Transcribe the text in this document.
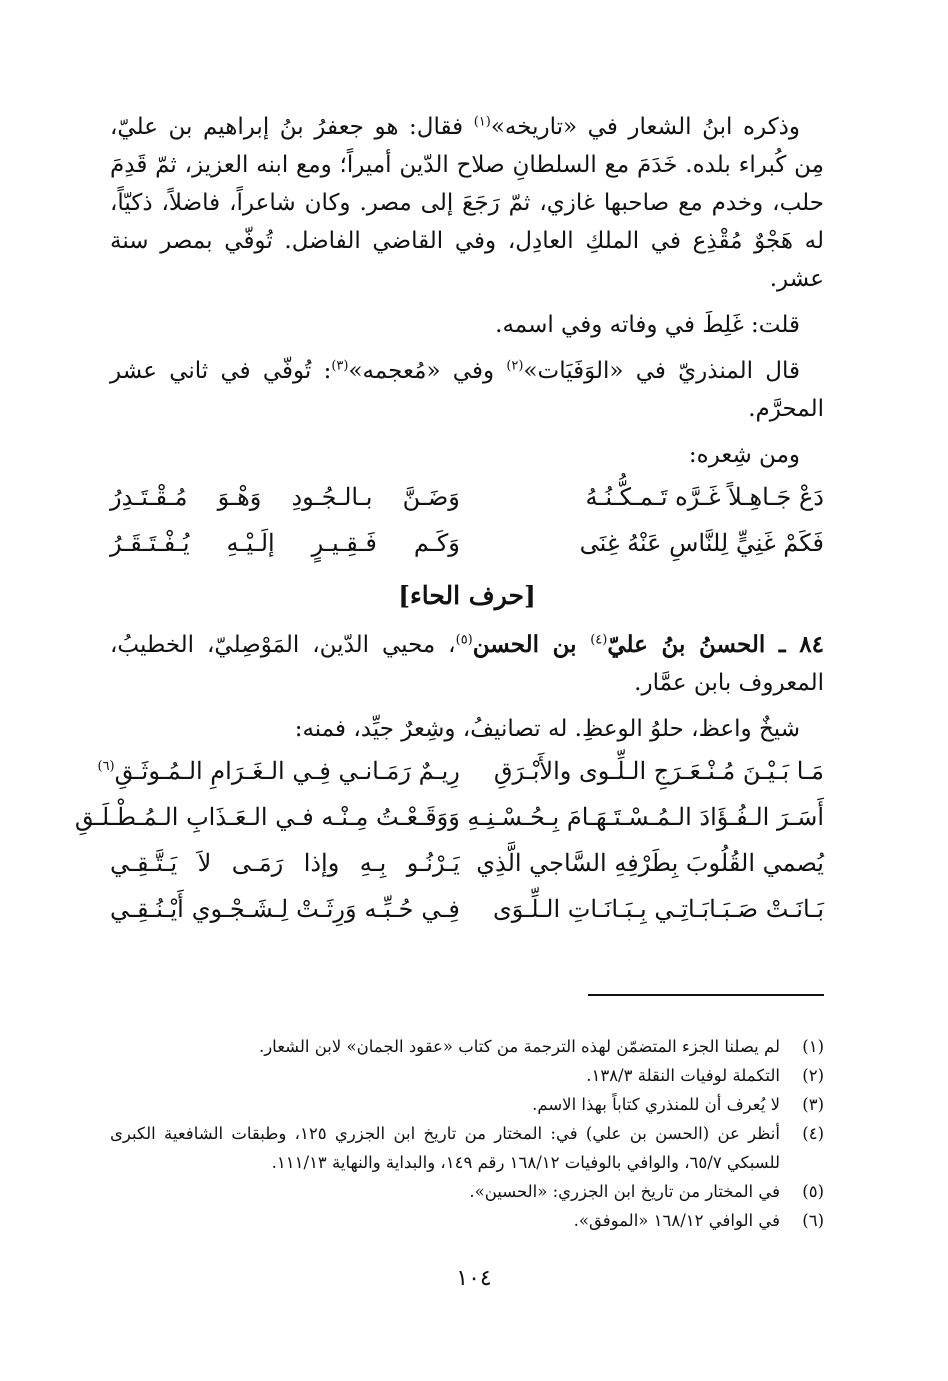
وذكره ابنُ الشعار في «تاريخه»$^{(١)}$ فقال: هو جعفرُ بنُ إبراهيم بن عليّ، مِن كُبراء بلده. خَدَمَ مع السلطانِ صلاح الدّين أميراً؛ ومع ابنه العزيز، ثمّ قَدِمَ حلب، وخدم مع صاحبها غازي، ثمّ رَجَعَ إلى مصر. وكان شاعراً، فاضلاً، ذكيّاً، له هَجْوٌ مُقْذِع في الملكِ العادِل، وفي القاضي الفاضل. تُوفّي بمصر سنة عشر.

قلت: غَلِطَ في وفاته وفي اسمه.

قال المنذريّ في «الوَفَيَات»$^{(٢)}$ وفي «مُعجمه»$^{(٣)}$: تُوفّي في ثاني عشر المحرَّم.

ومن شِعره:

دَعْ جَـاهِـلاً غَـرَّه تَـمـكُّـنُـهُ
وَضَـنَّ بـالـجُـودِ وَهْـوَ مُـقْـتَـدِرُ
فَكَمْ غَنِيٍّ لِلنَّاسِ عَنْهُ غِنَى
وَكَـم فَـقِـيـرٍ إلَـيْـهِ يُـفْـتَـقَـرُ
[حرف الحاء]

٨٤ ـ الحسنُ بنُ عليّ$^{(٤)}$ بن الحسن$^{(٥)}$، محيي الدّين، المَوْصِليّ، الخطيبُ، المعروف بابن عمَّار.

شيخٌ واعظ، حلوُ الوعظِ. له تصانيفُ، وشِعرٌ جيِّد، فمنه:

مَـا بَـيْـنَ مُـنْـعَـرَجِ الـلِّـوى والأَبْـرَقِ
رِيـمٌ رَمَـانـي فِـي الـغَـرَامِ الـمُـوثَـقِ$^{(٦)}$
أَسَـرَ الـفُـؤَادَ الـمُـسْـتَـهَـامَ بِـحُـسْـنِـهِ
وَوَقَـعْـتُ مِـنْـه فـي الـعَـذَابِ الـمُـطْـلَـقِ
يُصمي القُلُوبَ بِطَرْفِهِ السَّاجي الَّذِي
يَـرْنُـو بِـهِ وإذا رَمَـى لاَ يَـتَّـقِـي
بَـانَـتْ صَـبَـابَـاتِـي بِـبَـانَـاتِ الـلِّـوَى
فِـي حُـبِّـه وَرِثَـتْ لِـشَـجْـوي أَيْـنُـقِـي
(١)
لم يصلنا الجزء المتضمّن لهذه الترجمة من كتاب «عقود الجمان» لابن الشعار.
(٢)
التكملة لوفيات النقلة ١٣٨/٣.
(٣)
لا يُعرف أن للمنذري كتاباً بهذا الاسم.
(٤)
أنظر عن (الحسن بن علي) في: المختار من تاريخ ابن الجزري ١٢٥، وطبقات الشافعية الكبرى للسبكي ٦٥/٧، والوافي بالوفيات ١٦٨/١٢ رقم ١٤٩، والبداية والنهاية ١١١/١٣.
(٥)
في المختار من تاريخ ابن الجزري: «الحسين».
(٦)
في الوافي ١٦٨/١٢ «الموفق».
١٠٤
